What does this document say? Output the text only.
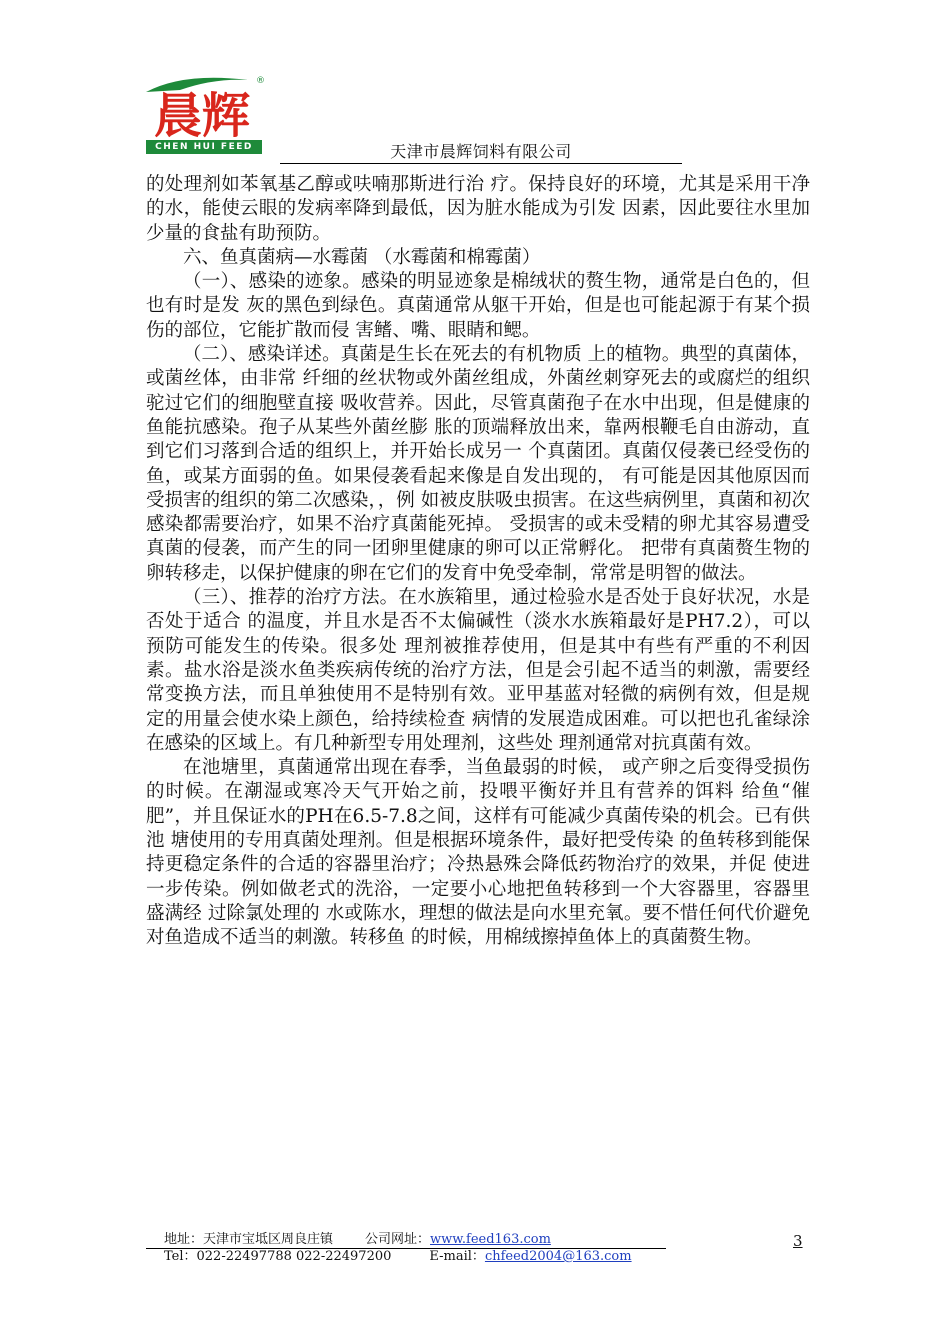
晨辉
®
CHEN HUI FEED	天津市晨辉饲料有限公司

的处理剂如苯氧基乙醇或呋喃那斯进行治 疗。保持良好的环境，尤其是采用干净的水，能使云眼的发病率降到最低，因为脏水能成为引发 因素，因此要往水里加少量的食盐有助预防。

六、鱼真菌病—水霉菌 （水霉菌和棉霉菌）

（一）、感染的迹象。感染的明显迹象是棉绒状的赘生物，通常是白色的，但也有时是发 灰的黑色到绿色。真菌通常从躯干开始，但是也可能起源于有某个损伤的部位，它能扩散而侵 害鳍、嘴、眼睛和鳃。

（二）、感染详述。真菌是生长在死去的有机物质 上的植物。典型的真菌体，或菌丝体，由非常 纤细的丝状物或外菌丝组成，外菌丝刺穿死去的或腐烂的组织驼过它们的细胞壁直接 吸收营养。因此，尽管真菌孢子在水中出现，但是健康的鱼能抗感染。孢子从某些外菌丝膨 胀的顶端释放出来，靠两根鞭毛自由游动，直到它们习落到合适的组织上，并开始长成另一 个真菌团。真菌仅侵袭已经受伤的鱼，或某方面弱的鱼。如果侵袭看起来像是自发出现的， 有可能是因其他原因而受损害的组织的第二次感染，，例 如被皮肤吸虫损害。在这些病例里，真菌和初次感染都需要治疗，如果不治疗真菌能死掉。 受损害的或未受精的卵尤其容易遭受真菌的侵袭，而产生的同一团卵里健康的卵可以正常孵化。 把带有真菌赘生物的卵转移走，以保护健康的卵在它们的发育中免受牵制，常常是明智的做法。

（三）、推荐的治疗方法。在水族箱里，通过检验水是否处于良好状况，水是否处于适合 的温度，并且水是否不太偏碱性（淡水水族箱最好是PH7.2），可以预防可能发生的传染。很多处 理剂被推荐使用，但是其中有些有严重的不利因素。盐水浴是淡水鱼类疾病传统的治疗方法，但是会引起不适当的刺激，需要经常变换方法，而且单独使用不是特别有效。亚甲基蓝对轻微的病例有效，但是规定的用量会使水染上颜色，给持续检查 病情的发展造成困难。可以把也孔雀绿涂在感染的区域上。有几种新型专用处理剂，这些处 理剂通常对抗真菌有效。

在池塘里，真菌通常出现在春季，当鱼最弱的时候， 或产卵之后变得受损伤的时候。在潮湿或寒冷天气开始之前，投喂平衡好并且有营养的饵料 给鱼“催肥”，并且保证水的PH在6.5-7.8之间，这样有可能减少真菌传染的机会。已有供池 塘使用的专用真菌处理剂。但是根据环境条件，最好把受传染 的鱼转移到能保持更稳定条件的合适的容器里治疗；冷热悬殊会降低药物治疗的效果，并促 使进一步传染。例如做老式的洗浴，一定要小心地把鱼转移到一个大容器里，容器里盛满经 过除氯处理的 水或陈水，理想的做法是向水里充氧。要不惜任何代价避免对鱼造成不适当的刺激。转移鱼 的时候，用棉绒擦掉鱼体上的真菌赘生物。

地址：天津市宝坻区周良庄镇 公司网址：www.feed163.com
Tel：022-22497788 022-22497200	E-mail：chfeed2004@163.com
3
